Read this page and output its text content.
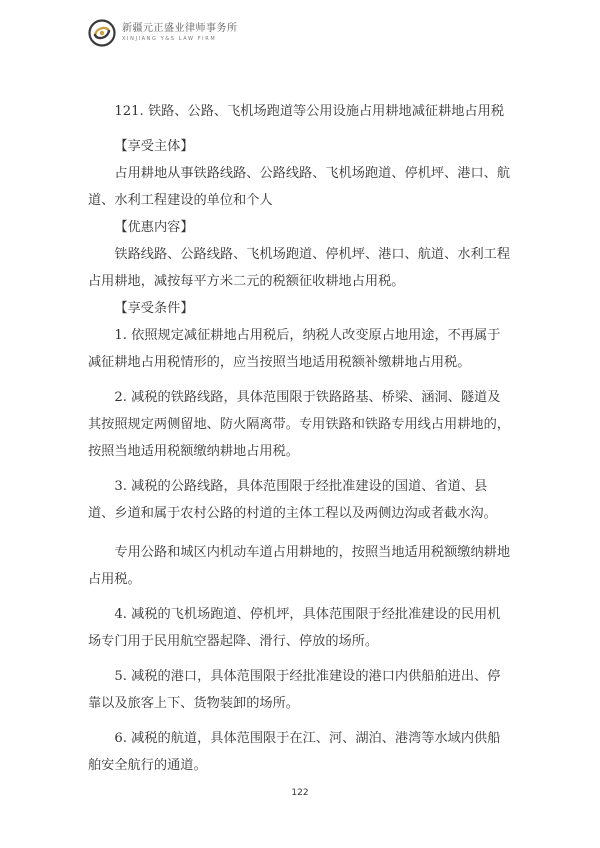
新疆元正盛业律师事务所
XINJIANG Y&S LAW FIRM

121. 铁路、公路、飞机场跑道等公用设施占用耕地减征耕地占用税

【享受主体】

占用耕地从事铁路线路、公路线路、飞机场跑道、停机坪、港口、航道、水利工程建设的单位和个人

【优惠内容】

铁路线路、公路线路、飞机场跑道、停机坪、港口、航道、水利工程占用耕地，减按每平方米二元的税额征收耕地占用税。

【享受条件】

1. 依照规定减征耕地占用税后，纳税人改变原占地用途，不再属于减征耕地占用税情形的，应当按照当地适用税额补缴耕地占用税。

2. 减税的铁路线路，具体范围限于铁路路基、桥梁、涵洞、隧道及其按照规定两侧留地、防火隔离带。专用铁路和铁路专用线占用耕地的，按照当地适用税额缴纳耕地占用税。

3. 减税的公路线路，具体范围限于经批准建设的国道、省道、县道、乡道和属于农村公路的村道的主体工程以及两侧边沟或者截水沟。

专用公路和城区内机动车道占用耕地的，按照当地适用税额缴纳耕地占用税。

4. 减税的飞机场跑道、停机坪，具体范围限于经批准建设的民用机场专门用于民用航空器起降、滑行、停放的场所。

5. 减税的港口，具体范围限于经批准建设的港口内供船舶进出、停靠以及旅客上下、货物装卸的场所。

6. 减税的航道，具体范围限于在江、河、湖泊、港湾等水域内供船舶安全航行的通道。

122
